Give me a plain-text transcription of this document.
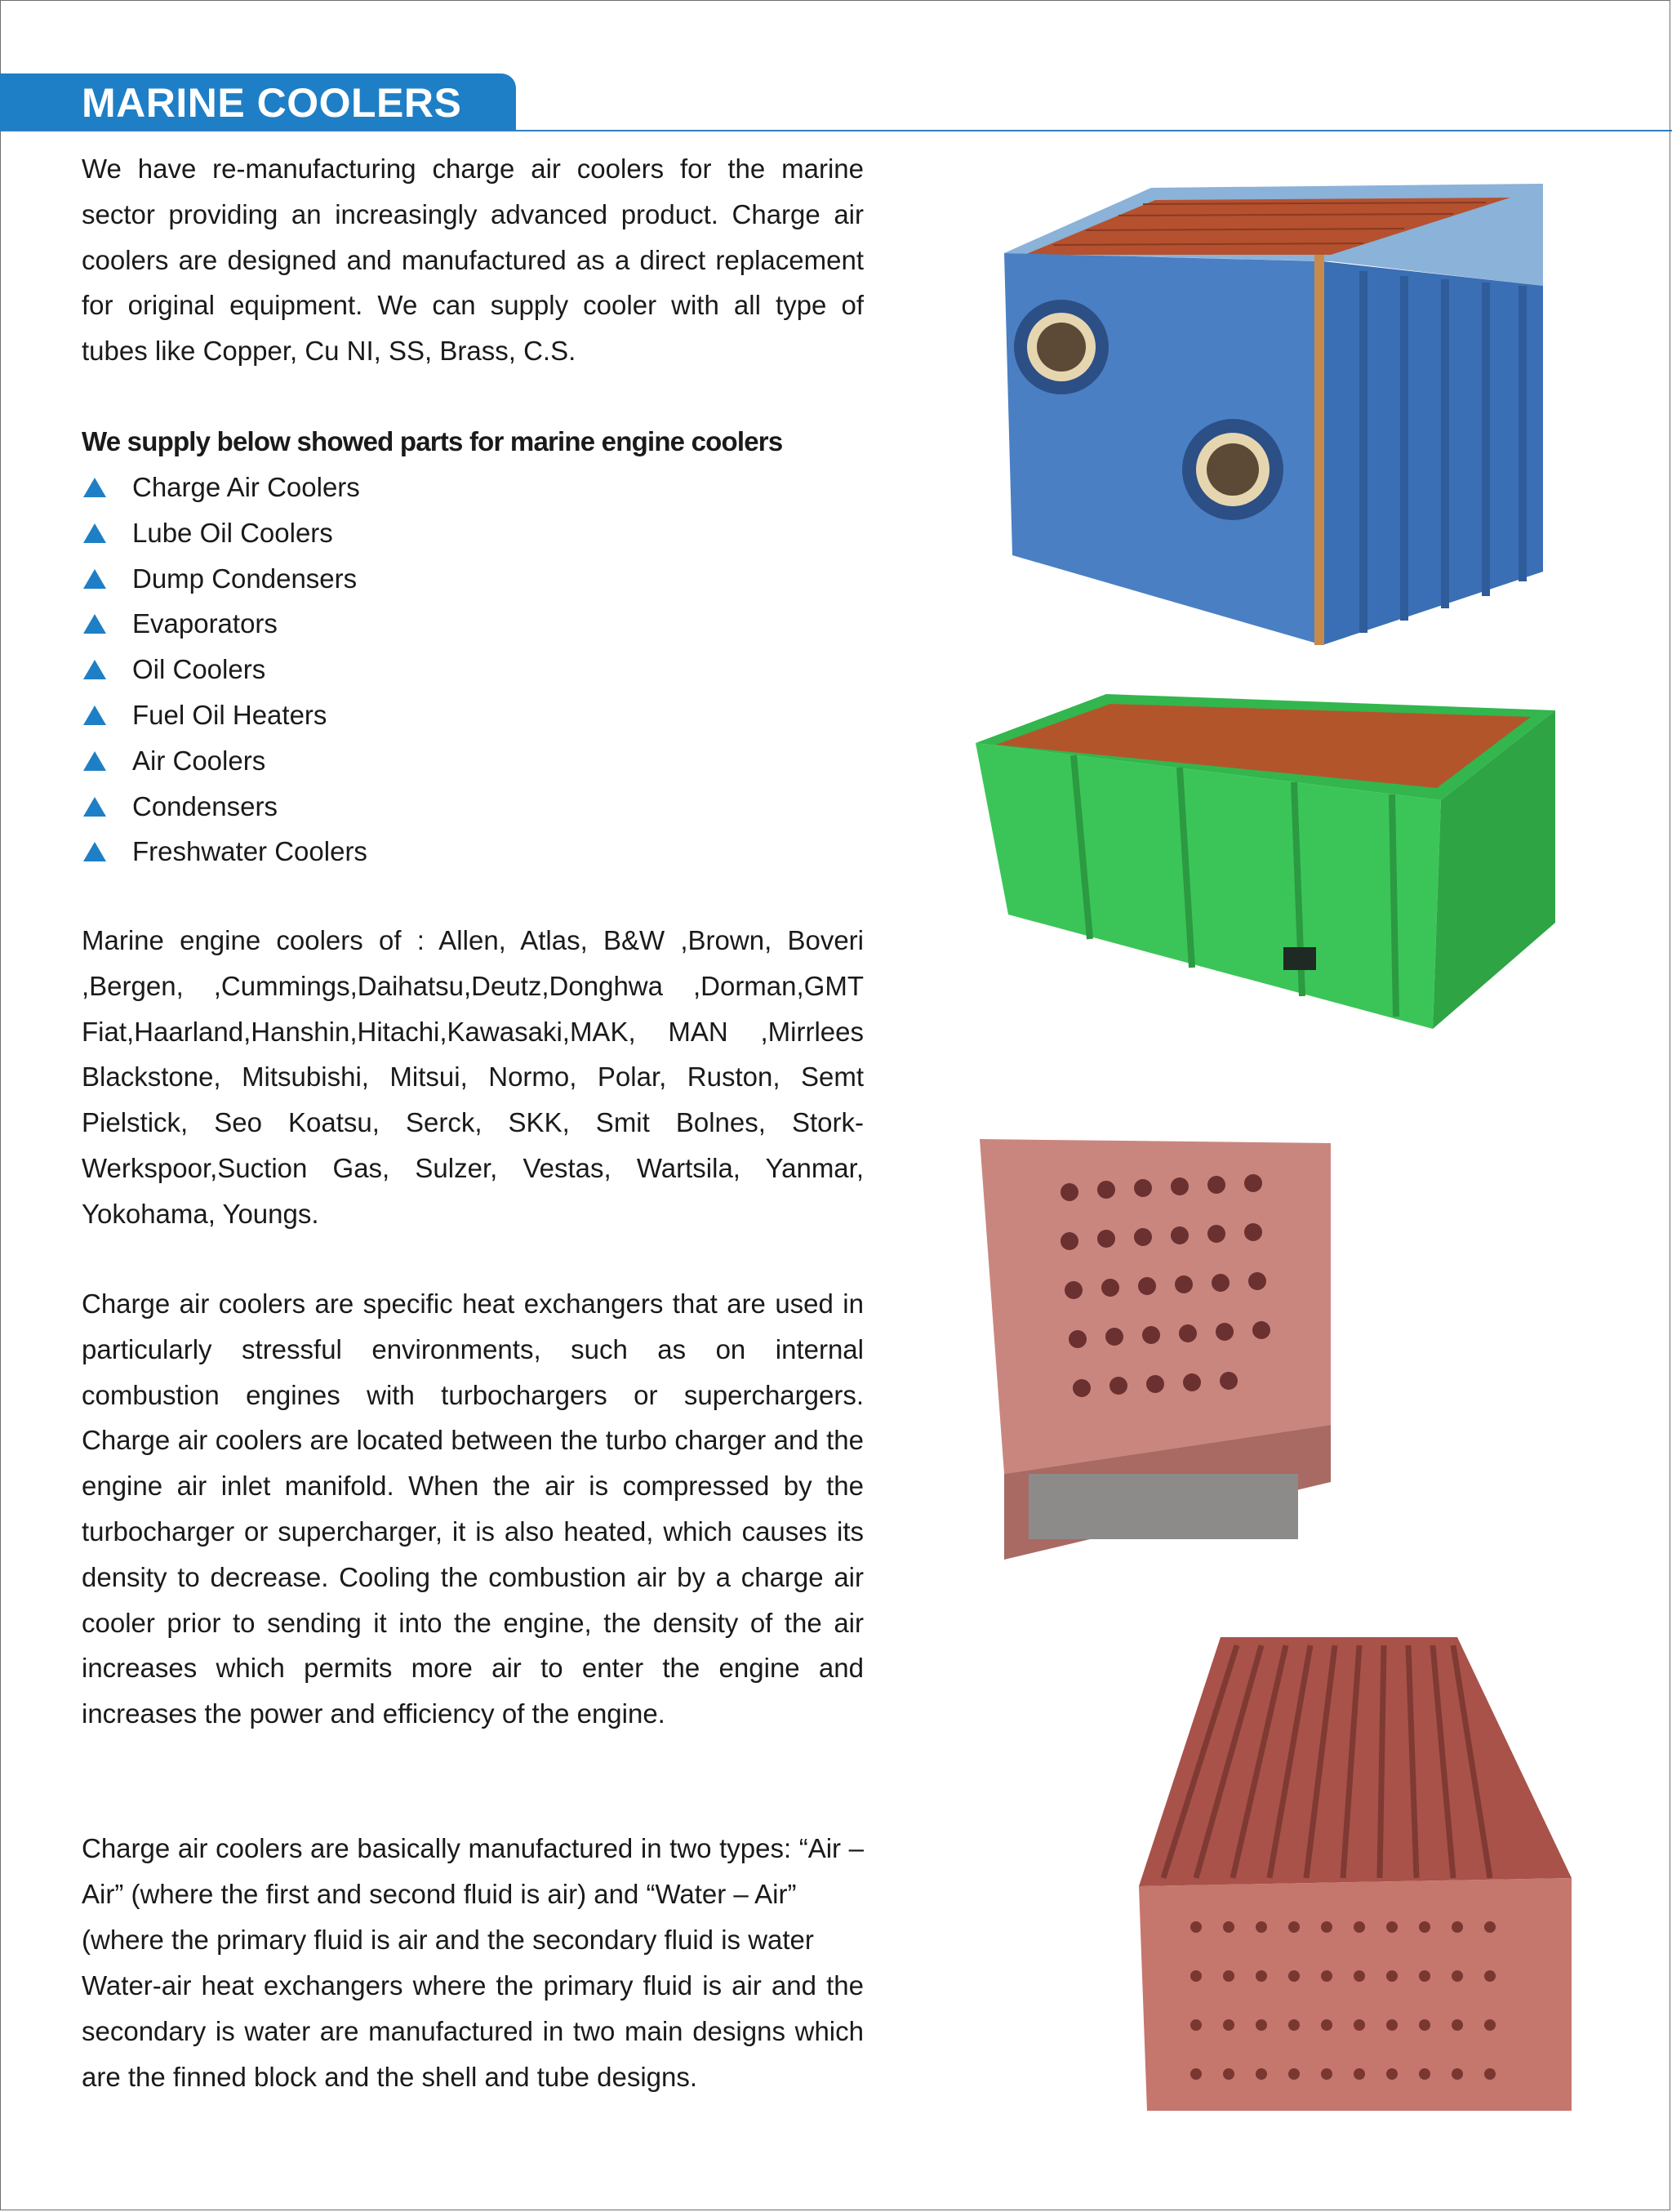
MARINE COOLERS

We have re-manufacturing charge air coolers for the marine sector providing an increasingly advanced product. Charge air coolers are designed and manufactured as a direct replacement for original equipment. We can supply cooler with all type of tubes like Copper, Cu NI, SS, Brass, C.S.

We supply below showed parts for marine engine coolers
Charge Air Coolers
Lube Oil Coolers
Dump Condensers
Evaporators
Oil Coolers
Fuel Oil Heaters
Air Coolers
Condensers
Freshwater Coolers

Marine engine coolers of : Allen, Atlas, B&W ,Brown, Boveri ,Bergen, ,Cummings,Daihatsu,Deutz,Donghwa ,Dorman,GMT Fiat,Haarland,Hanshin,Hitachi,Kawasaki,MAK, MAN ,Mirrlees Blackstone, Mitsubishi, Mitsui, Normo, Polar, Ruston, Semt Pielstick, Seo Koatsu, Serck, SKK, Smit Bolnes, Stork-Werkspoor,Suction Gas, Sulzer, Vestas, Wartsila, Yanmar, Yokohama, Youngs.

Charge air coolers are specific heat exchangers that are used in particularly stressful environments, such as on internal combustion engines with turbochargers or superchargers. Charge air coolers are located between the turbo charger and the engine air inlet manifold. When the air is compressed by the turbocharger or supercharger, it is also heated, which causes its density to decrease. Cooling the combustion air by a charge air cooler prior to sending it into the engine, the density of the air increases which permits more air to enter the engine and increases the power and efficiency of the engine.

Charge air coolers are basically manufactured in two types: “Air – Air” (where the first and second fluid is air) and “Water – Air”

(where the primary fluid is air and the secondary fluid is water

Water-air heat exchangers where the primary fluid is air and the secondary is water are manufactured in two main designs which are the finned block and the shell and tube designs.
